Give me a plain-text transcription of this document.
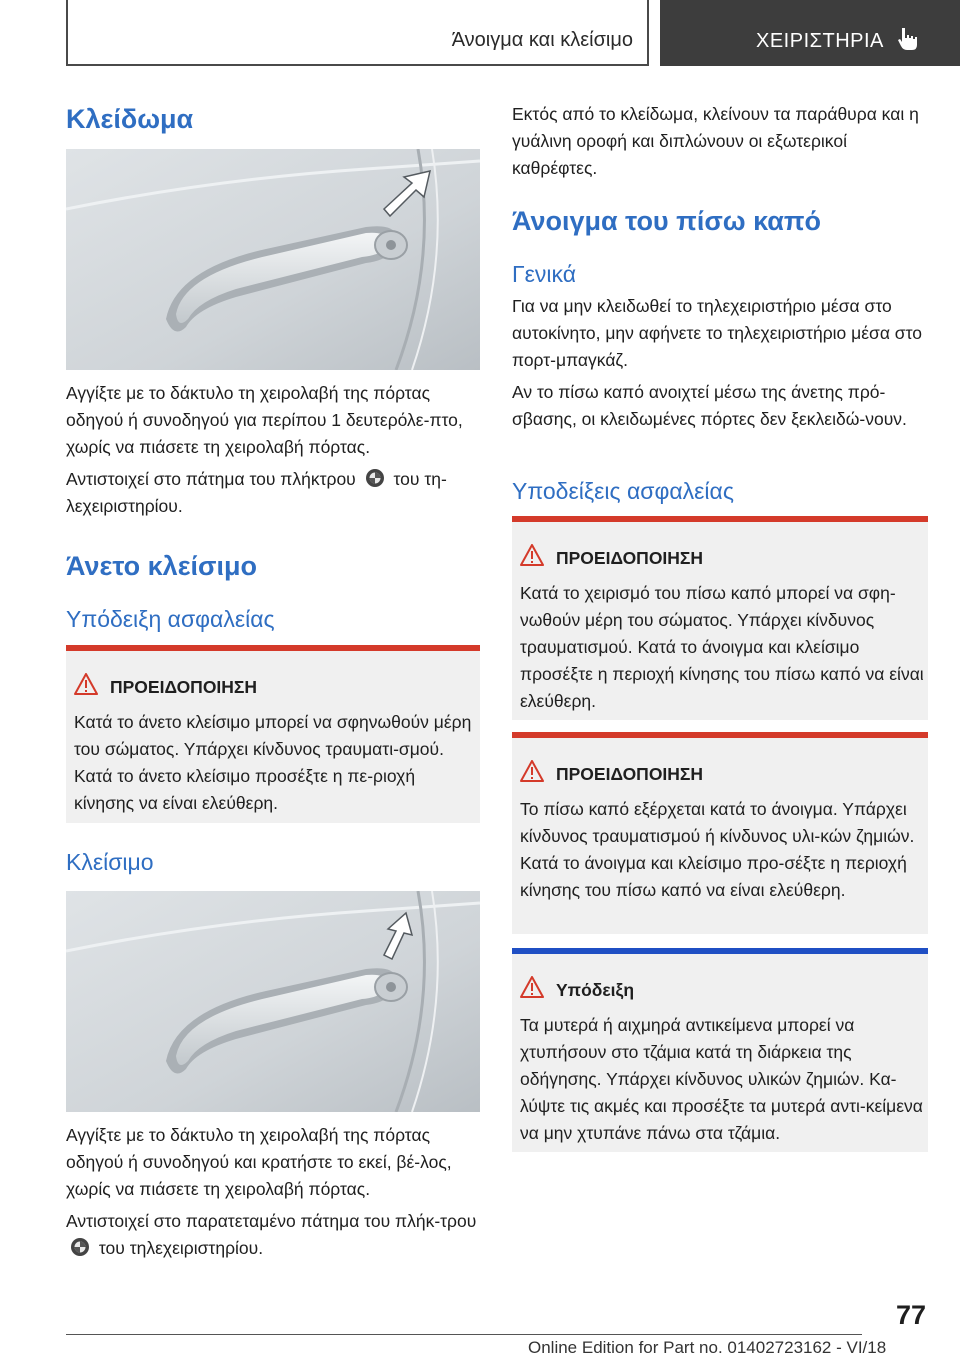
Άνοιγμα και κλείσιμο	ΧΕΙΡΙΣΤΗΡΙΑ
Κλείδωμα

Αγγίξτε με το δάκτυλο τη χειρολαβή της πόρτας οδηγού ή συνοδηγού για περίπου 1 δευτερόλε-πτο, χωρίς να πιάσετε τη χειρολαβή πόρτας.

Αντιστοιχεί στο πάτημα του πλήκτρου του τη-λεχειριστηρίου.

Άνετο κλείσιμο
Υπόδειξη ασφαλείας
ΠΡΟΕΙΔΟΠΟΙΗΣΗ

Κατά το άνετο κλείσιμο μπορεί να σφηνωθούν μέρη του σώματος. Υπάρχει κίνδυνος τραυματι-σμού. Κατά το άνετο κλείσιμο προσέξτε η πε-ριοχή κίνησης να είναι ελεύθερη.

Κλείσιμο

Αγγίξτε με το δάκτυλο τη χειρολαβή της πόρτας οδηγού ή συνοδηγού και κρατήστε το εκεί, βέ-λος, χωρίς να πιάσετε τη χειρολαβή πόρτας.

Αντιστοιχεί στο παρατεταμένο πάτημα του πλήκ-τρου  του τηλεχειριστηρίου.

Εκτός από το κλείδωμα, κλείνουν τα παράθυρα και η γυάλινη οροφή και διπλώνουν οι εξωτερικοί καθρέφτες.

Άνοιγμα του πίσω καπό
Γενικά

Για να μην κλειδωθεί το τηλεχειριστήριο μέσα στο αυτοκίνητο, μην αφήνετε το τηλεχειριστήριο μέσα στο πορτ-μπαγκάζ.

Αν το πίσω καπό ανοιχτεί μέσω της άνετης πρό-σβασης, οι κλειδωμένες πόρτες δεν ξεκλειδώ-νουν.

Υποδείξεις ασφαλείας
ΠΡΟΕΙΔΟΠΟΙΗΣΗ

Κατά το χειρισμό του πίσω καπό μπορεί να σφη-νωθούν μέρη του σώματος. Υπάρχει κίνδυνος τραυματισμού. Κατά το άνοιγμα και κλείσιμο προσέξτε η περιοχή κίνησης του πίσω καπό να είναι ελεύθερη.

ΠΡΟΕΙΔΟΠΟΙΗΣΗ

Το πίσω καπό εξέρχεται κατά το άνοιγμα. Υπάρχει κίνδυνος τραυματισμού ή κίνδυνος υλι-κών ζημιών. Κατά το άνοιγμα και κλείσιμο προ-σέξτε η περιοχή κίνησης του πίσω καπό να είναι ελεύθερη.

Υπόδειξη

Τα μυτερά ή αιχμηρά αντικείμενα μπορεί να χτυπήσουν στο τζάμια κατά τη διάρκεια της οδήγησης. Υπάρχει κίνδυνος υλικών ζημιών. Κα-λύψτε τις ακμές και προσέξτε τα μυτερά αντι-κείμενα να μην χτυπάνε πάνω στα τζάμια.

77
Online Edition for Part no. 01402723162 - VI/18
